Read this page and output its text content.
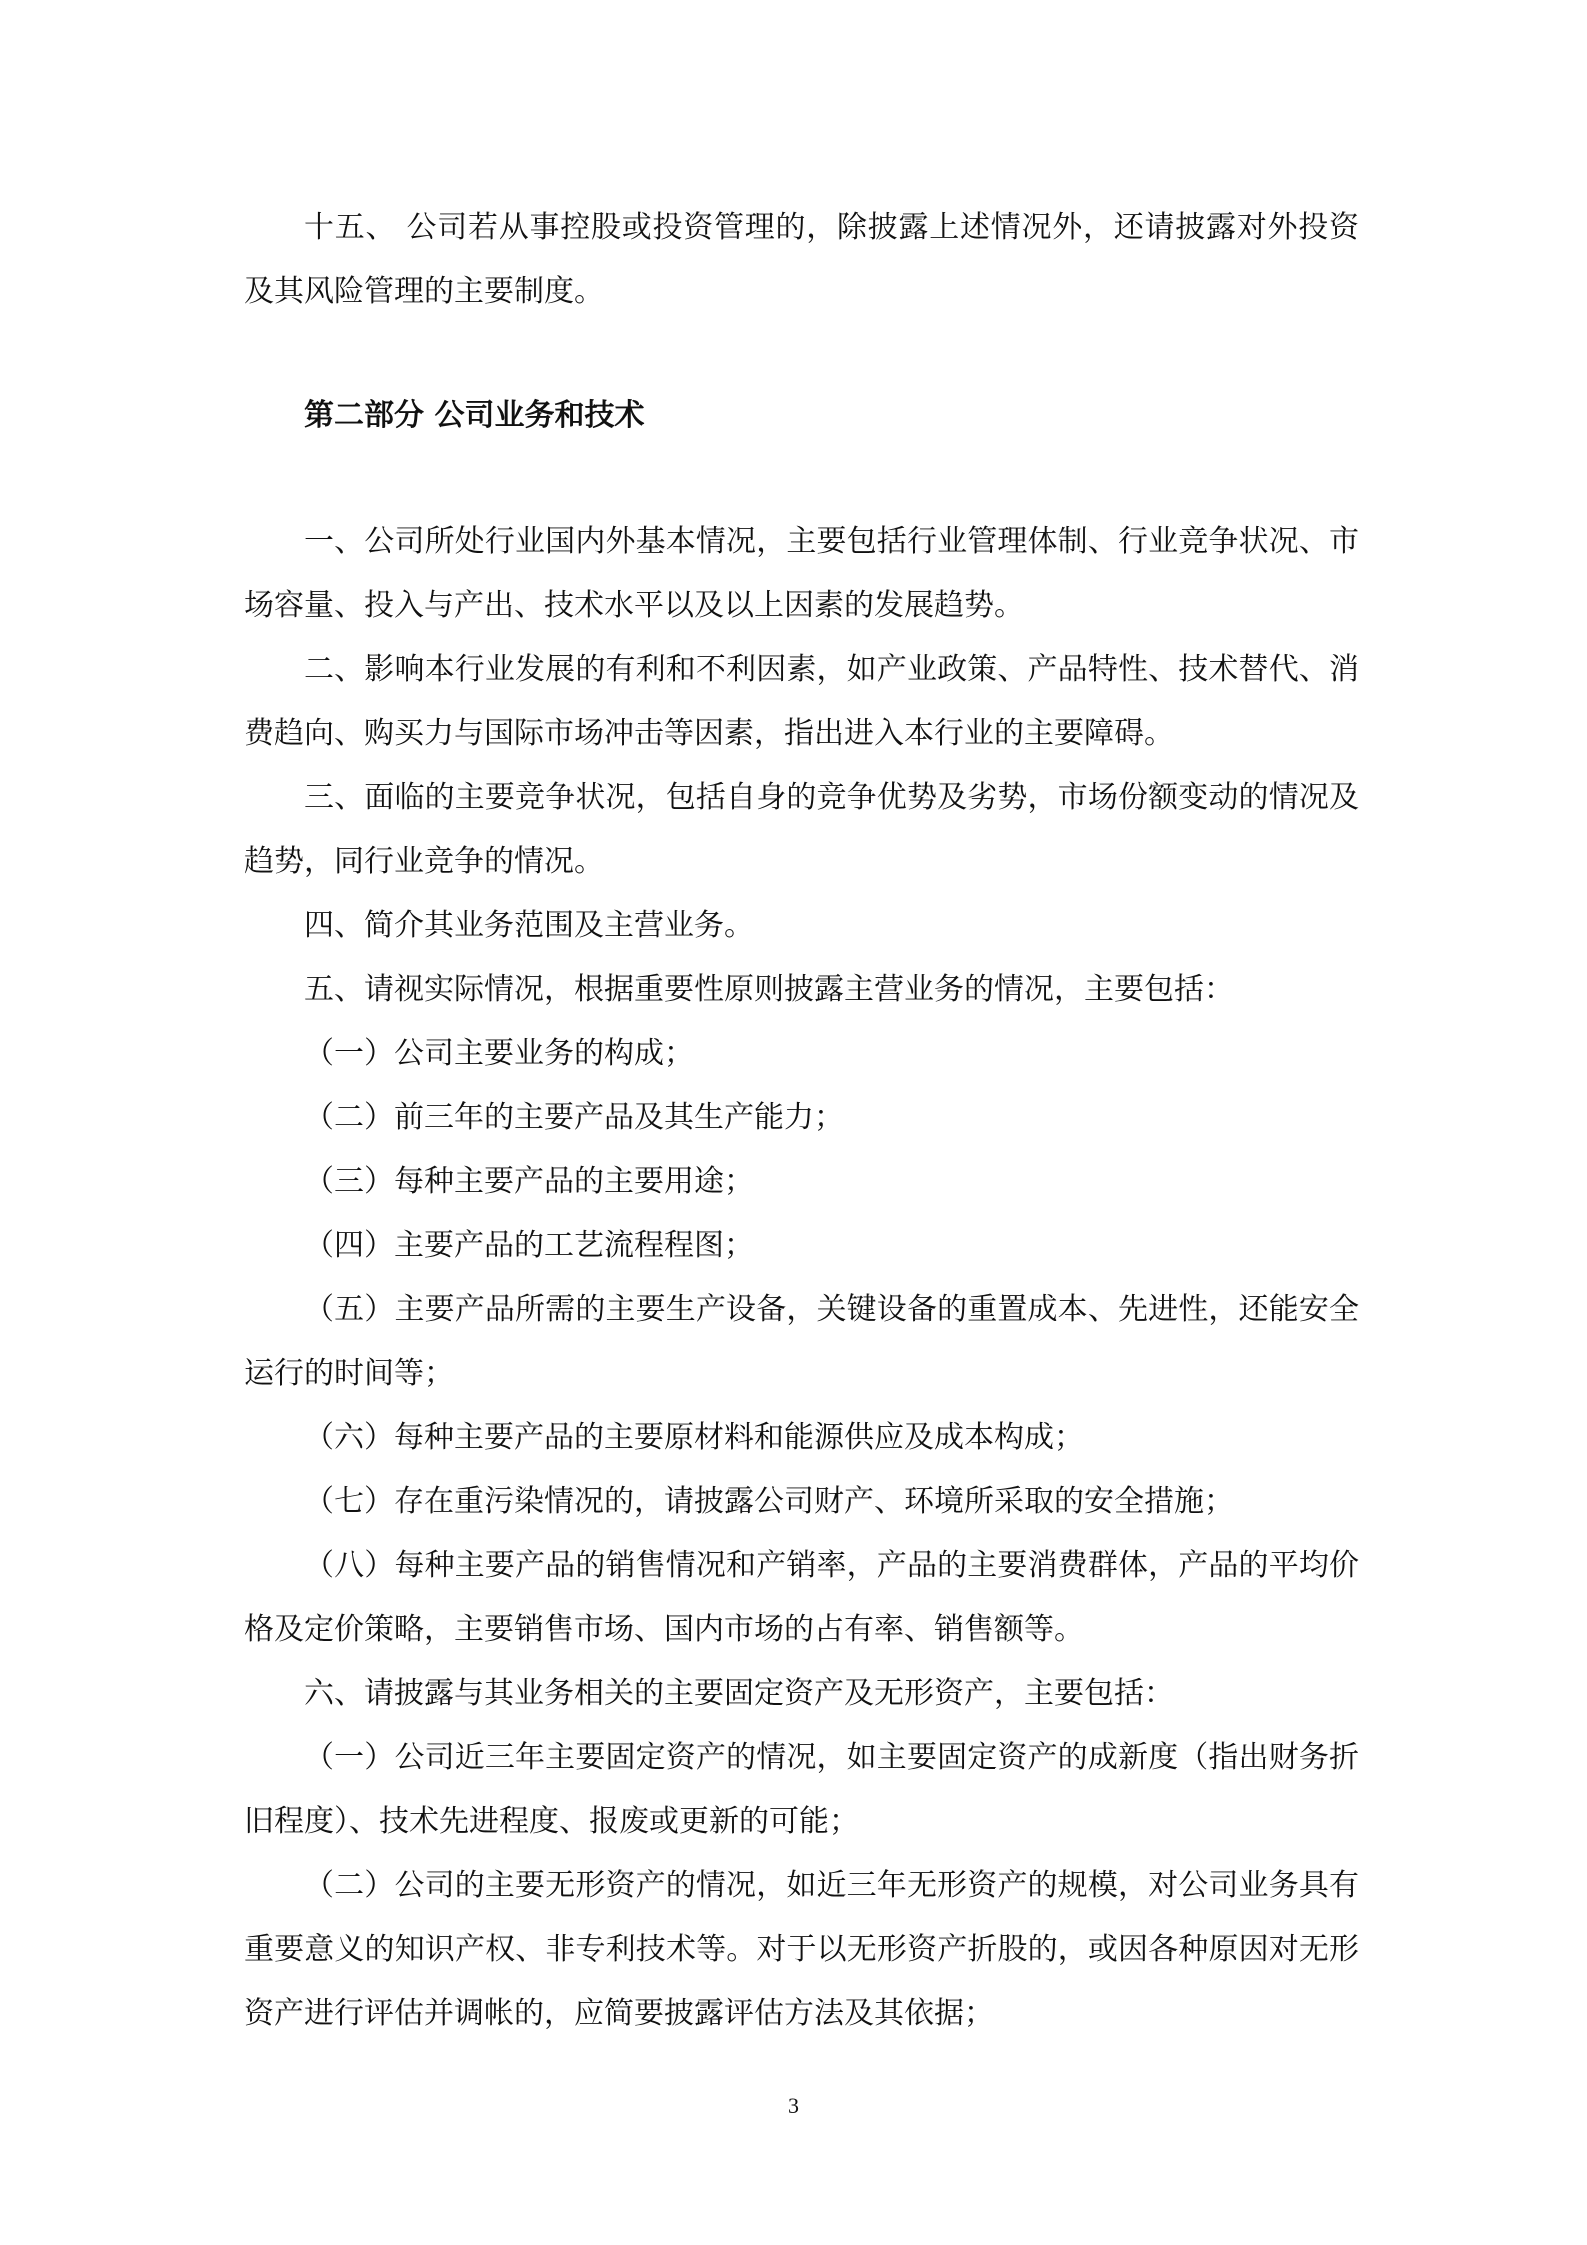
十五、 公司若从事控股或投资管理的，除披露上述情况外，还请披露对外投资及其风险管理的主要制度。

第二部分 公司业务和技术

一、公司所处行业国内外基本情况，主要包括行业管理体制、行业竞争状况、市场容量、投入与产出、技术水平以及以上因素的发展趋势。

二、影响本行业发展的有利和不利因素，如产业政策、产品特性、技术替代、消费趋向、购买力与国际市场冲击等因素，指出进入本行业的主要障碍。

三、面临的主要竞争状况，包括自身的竞争优势及劣势，市场份额变动的情况及趋势，同行业竞争的情况。

四、简介其业务范围及主营业务。

五、请视实际情况，根据重要性原则披露主营业务的情况，主要包括：

（一）公司主要业务的构成；

（二）前三年的主要产品及其生产能力；

（三）每种主要产品的主要用途；

（四）主要产品的工艺流程程图；

（五）主要产品所需的主要生产设备，关键设备的重置成本、先进性，还能安全运行的时间等；

（六）每种主要产品的主要原材料和能源供应及成本构成；

（七）存在重污染情况的，请披露公司财产、环境所采取的安全措施；

（八）每种主要产品的销售情况和产销率，产品的主要消费群体，产品的平均价格及定价策略，主要销售市场、国内市场的占有率、销售额等。

六、请披露与其业务相关的主要固定资产及无形资产，主要包括：

（一）公司近三年主要固定资产的情况，如主要固定资产的成新度（指出财务折旧程度）、技术先进程度、报废或更新的可能；

（二）公司的主要无形资产的情况，如近三年无形资产的规模，对公司业务具有重要意义的知识产权、非专利技术等。对于以无形资产折股的，或因各种原因对无形资产进行评估并调帐的，应简要披露评估方法及其依据；

3
